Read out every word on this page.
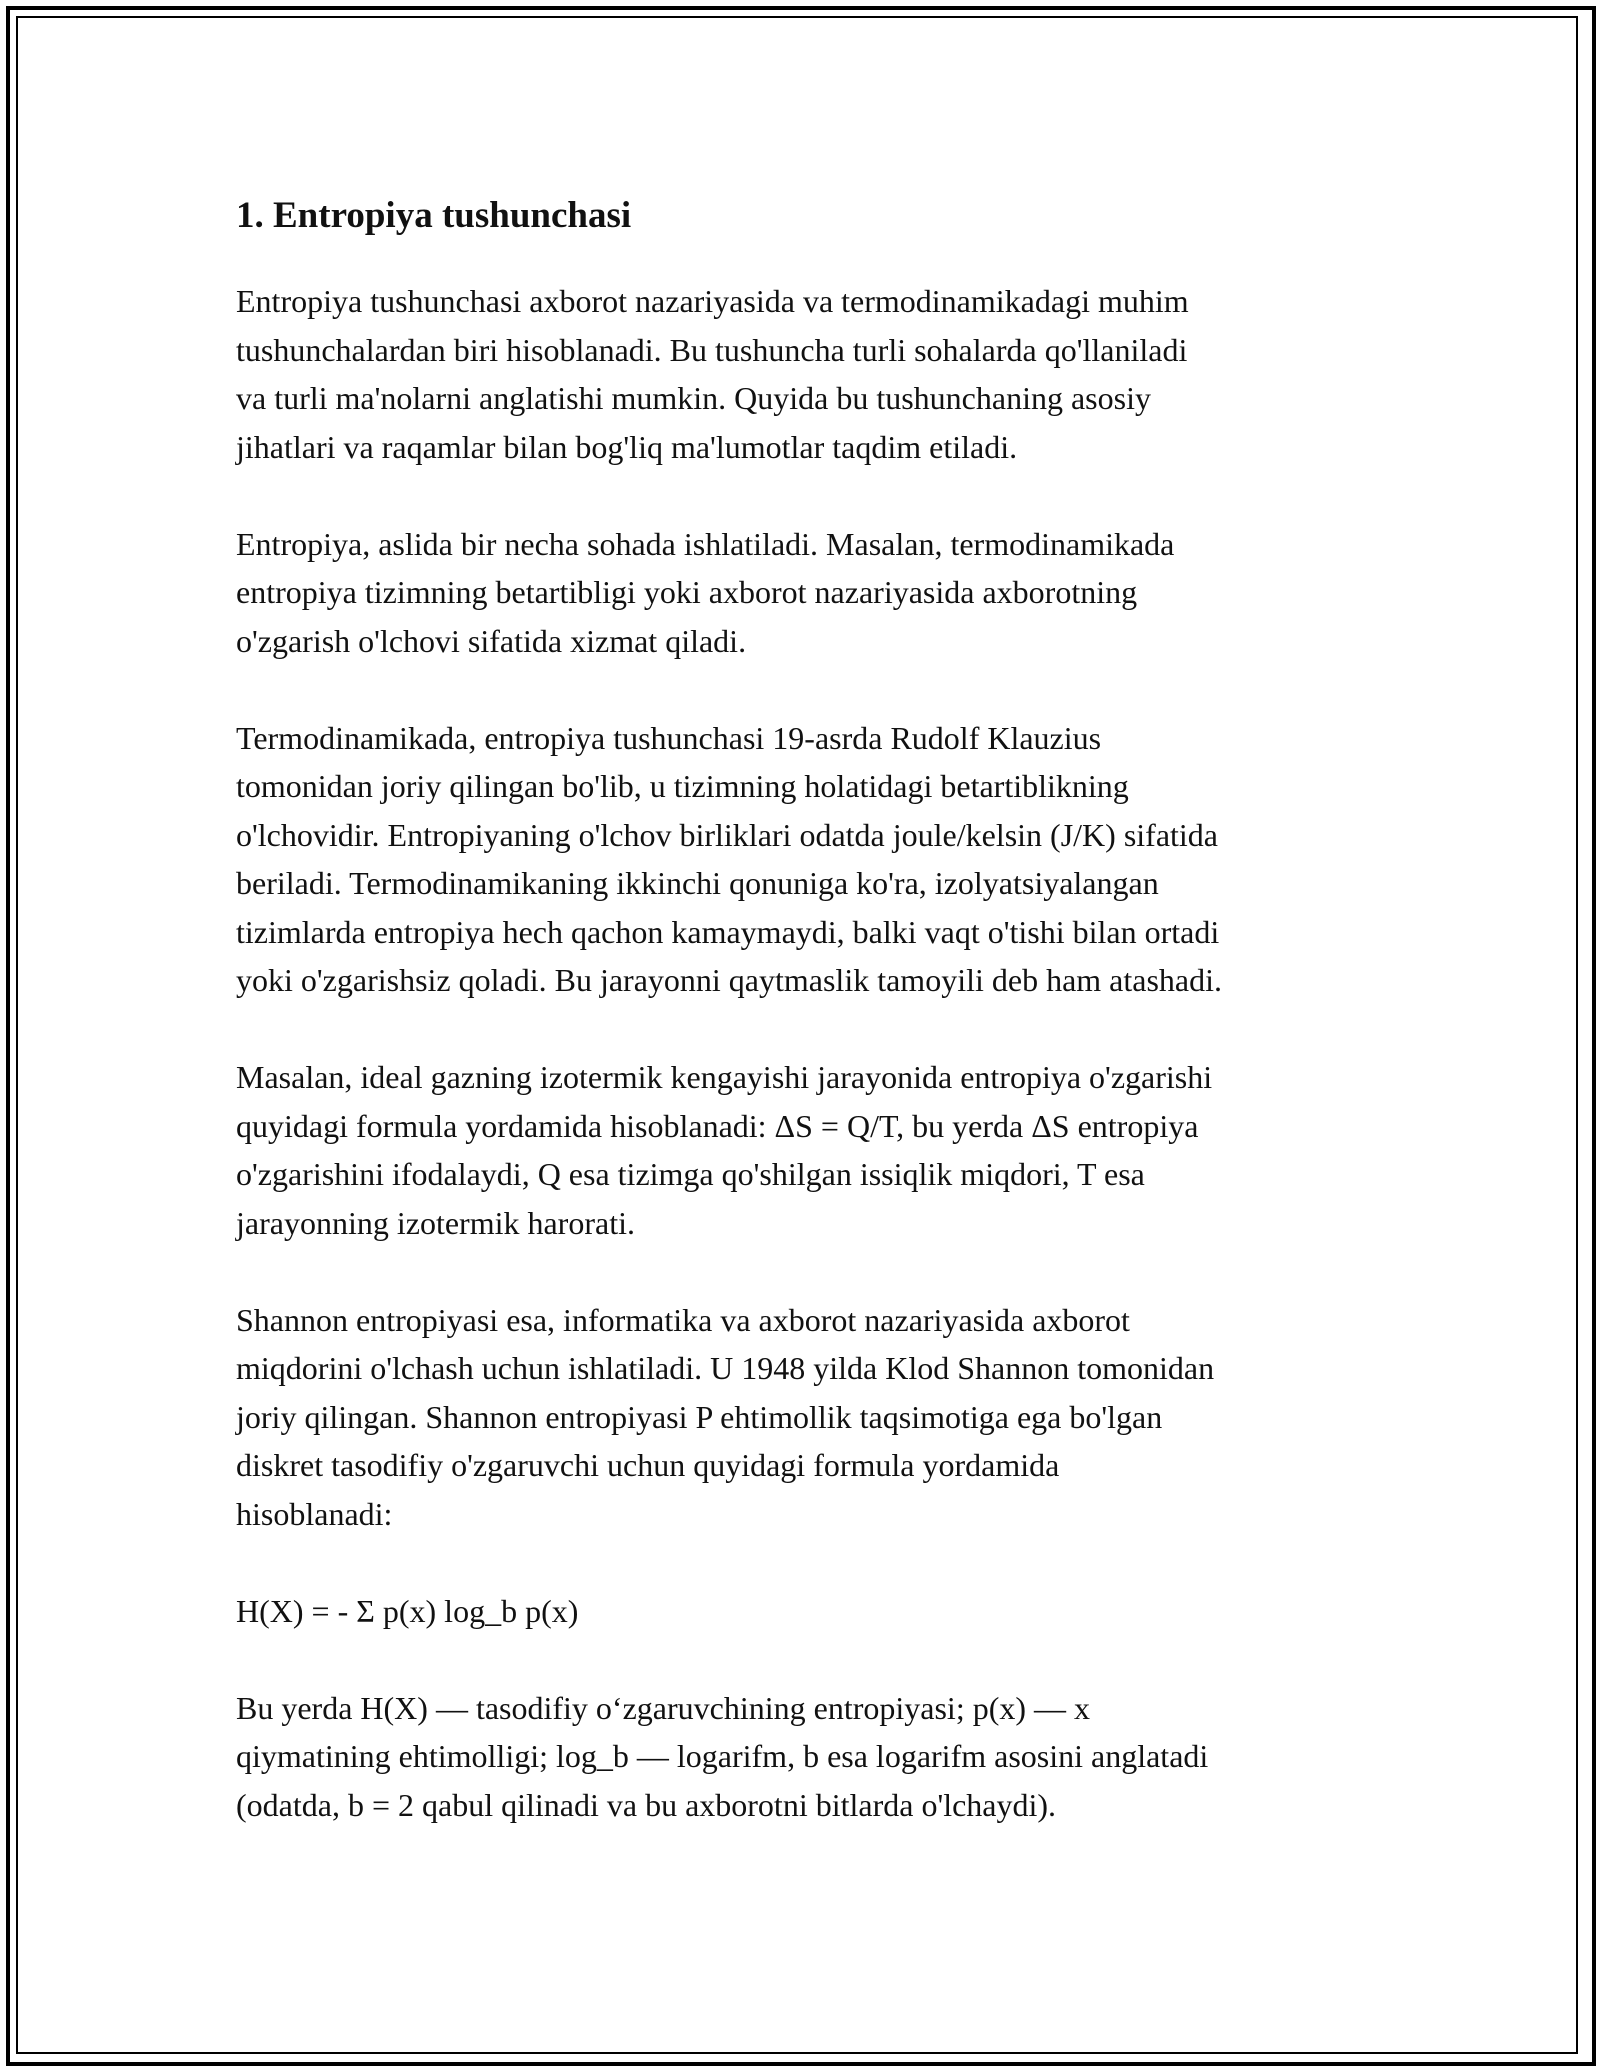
1. Entropiya tushunchasi

Entropiya tushunchasi axborot nazariyasida va termodinamikadagi muhim
tushunchalardan biri hisoblanadi. Bu tushuncha turli sohalarda qo'llaniladi
va turli ma'nolarni anglatishi mumkin. Quyida bu tushunchaning asosiy
jihatlari va raqamlar bilan bog'liq ma'lumotlar taqdim etiladi.

Entropiya, aslida bir necha sohada ishlatiladi. Masalan, termodinamikada
entropiya tizimning betartibligi yoki axborot nazariyasida axborotning
o'zgarish o'lchovi sifatida xizmat qiladi.

Termodinamikada, entropiya tushunchasi 19-asrda Rudolf Klauzius
tomonidan joriy qilingan bo'lib, u tizimning holatidagi betartiblikning
o'lchovidir. Entropiyaning o'lchov birliklari odatda joule/kelsin (J/K) sifatida
beriladi. Termodinamikaning ikkinchi qonuniga ko'ra, izolyatsiyalangan
tizimlarda entropiya hech qachon kamaymaydi, balki vaqt o'tishi bilan ortadi
yoki o'zgarishsiz qoladi. Bu jarayonni qaytmaslik tamoyili deb ham atashadi.

Masalan, ideal gazning izotermik kengayishi jarayonida entropiya o'zgarishi
quyidagi formula yordamida hisoblanadi: ΔS = Q/T, bu yerda ΔS entropiya
o'zgarishini ifodalaydi, Q esa tizimga qo'shilgan issiqlik miqdori, T esa
jarayonning izotermik harorati.

Shannon entropiyasi esa, informatika va axborot nazariyasida axborot
miqdorini o'lchash uchun ishlatiladi. U 1948 yilda Klod Shannon tomonidan
joriy qilingan. Shannon entropiyasi P ehtimollik taqsimotiga ega bo'lgan
diskret tasodifiy o'zgaruvchi uchun quyidagi formula yordamida
hisoblanadi:

H(X) = - Σ p(x) log_b p(x)

Bu yerda H(X) — tasodifiy o‘zgaruvchining entropiyasi; p(x) — x
qiymatining ehtimolligi; log_b — logarifm, b esa logarifm asosini anglatadi
(odatda, b = 2 qabul qilinadi va bu axborotni bitlarda o'lchaydi).
